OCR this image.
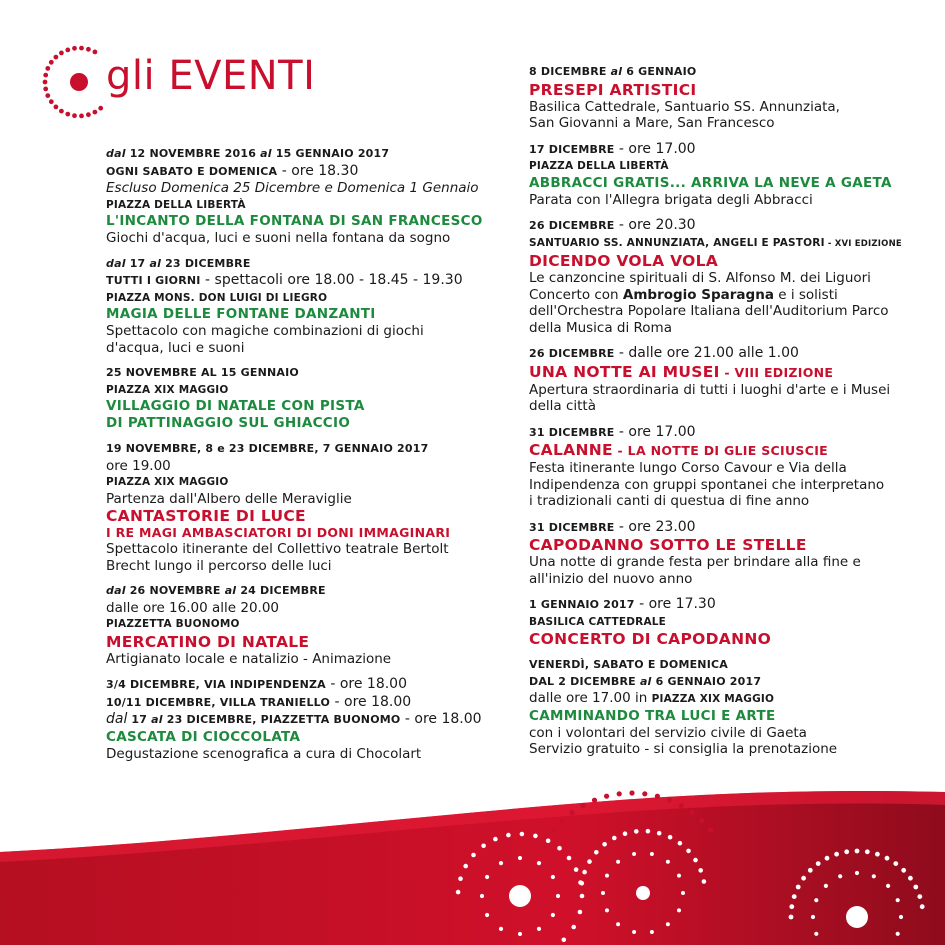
gli EVENTI
dal 12 NOVEMBRE 2016 al 15 GENNAIO 2017
OGNI SABATO E DOMENICA - ore 18.30
Escluso Domenica 25 Dicembre e Domenica 1 Gennaio
PIAZZA DELLA LIBERTÀ
L'INCANTO DELLA FONTANA DI SAN FRANCESCO
Giochi d'acqua, luci e suoni nella fontana da sogno
dal 17 al 23 DICEMBRE
TUTTI I GIORNI - spettacoli ore 18.00 - 18.45 - 19.30
PIAZZA MONS. DON LUIGI DI LIEGRO
MAGIA DELLE FONTANE DANZANTI
Spettacolo con magiche combinazioni di giochi
d'acqua, luci e suoni
25 NOVEMBRE AL 15 GENNAIO
PIAZZA XIX MAGGIO
VILLAGGIO DI NATALE CON PISTA
DI PATTINAGGIO SUL GHIACCIO
19 NOVEMBRE, 8 e 23 DICEMBRE, 7 GENNAIO 2017
ore 19.00
PIAZZA XIX MAGGIO
Partenza dall'Albero delle Meraviglie
CANTASTORIE DI LUCE
I RE MAGI AMBASCIATORI DI DONI IMMAGINARI
Spettacolo itinerante del Collettivo teatrale Bertolt
Brecht lungo il percorso delle luci
dal 26 NOVEMBRE al 24 DICEMBRE
dalle ore 16.00 alle 20.00
PIAZZETTA BUONOMO
MERCATINO DI NATALE
Artigianato locale e natalizio - Animazione
3/4 DICEMBRE, VIA INDIPENDENZA - ore 18.00
10/11 DICEMBRE, VILLA TRANIELLO - ore 18.00
dal 17 al 23 DICEMBRE, PIAZZETTA BUONOMO - ore 18.00
CASCATA DI CIOCCOLATA
Degustazione scenografica a cura di Chocolart
8 DICEMBRE al 6 GENNAIO
PRESEPI ARTISTICI
Basilica Cattedrale, Santuario SS. Annunziata,
San Giovanni a Mare, San Francesco
17 DICEMBRE - ore 17.00
PIAZZA DELLA LIBERTÀ
ABBRACCI GRATIS... ARRIVA LA NEVE A GAETA
Parata con l'Allegra brigata degli Abbracci
26 DICEMBRE - ore 20.30
SANTUARIO SS. ANNUNZIATA, ANGELI E PASTORI - XVI EDIZIONE
DICENDO VOLA VOLA
Le canzoncine spirituali di S. Alfonso M. dei Liguori
Concerto con Ambrogio Sparagna e i solisti
dell'Orchestra Popolare Italiana dell'Auditorium Parco
della Musica di Roma
26 DICEMBRE - dalle ore 21.00 alle 1.00
UNA NOTTE AI MUSEI - VIII EDIZIONE
Apertura straordinaria di tutti i luoghi d'arte e i Musei
della città
31 DICEMBRE - ore 17.00
CALANNE - LA NOTTE DI GLIE SCIUSCIE
Festa itinerante lungo Corso Cavour e Via della
Indipendenza con gruppi spontanei che interpretano
i tradizionali canti di questua di fine anno
31 DICEMBRE - ore 23.00
CAPODANNO SOTTO LE STELLE
Una notte di grande festa per brindare alla fine e
all'inizio del nuovo anno
1 GENNAIO 2017 - ore 17.30
BASILICA CATTEDRALE
CONCERTO DI CAPODANNO
VENERDÌ, SABATO E DOMENICA
DAL 2 DICEMBRE al 6 GENNAIO 2017
dalle ore 17.00 in PIAZZA XIX MAGGIO
CAMMINANDO TRA LUCI E ARTE
con i volontari del servizio civile di Gaeta
Servizio gratuito - si consiglia la prenotazione
